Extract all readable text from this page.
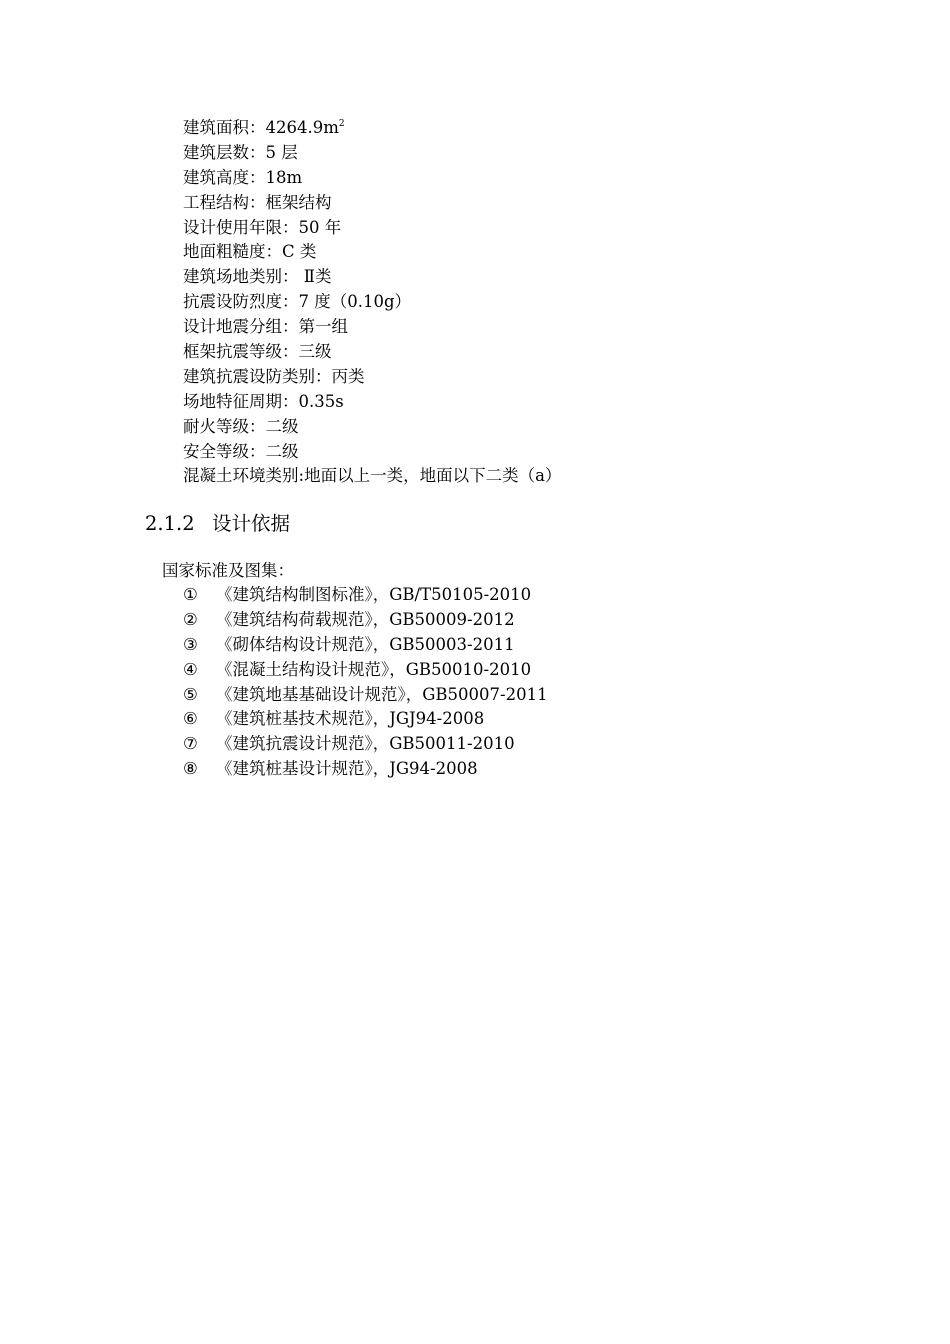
建筑面积：$4264.9m^2$
建筑层数：5 层
建筑高度：18m
工程结构：框架结构
设计使用年限：50 年
地面粗糙度：C 类
建筑场地类别： Ⅱ类
抗震设防烈度：7 度（0.10g）
设计地震分组：第一组
框架抗震等级：三级
建筑抗震设防类别：丙类
场地特征周期：0.35s
耐火等级：二级
安全等级：二级
混凝土环境类别:地面以上一类，地面以下二类（a）
2.1.2 设计依据
国家标准及图集：
① 《建筑结构制图标准》，GB/T50105-2010
② 《建筑结构荷载规范》，GB50009-2012
③ 《砌体结构设计规范》，GB50003-2011
④ 《混凝土结构设计规范》，GB50010-2010
⑤ 《建筑地基基础设计规范》，GB50007-2011
⑥ 《建筑桩基技术规范》，JGJ94-2008
⑦ 《建筑抗震设计规范》，GB50011-2010
⑧ 《建筑桩基设计规范》，JG94-2008
